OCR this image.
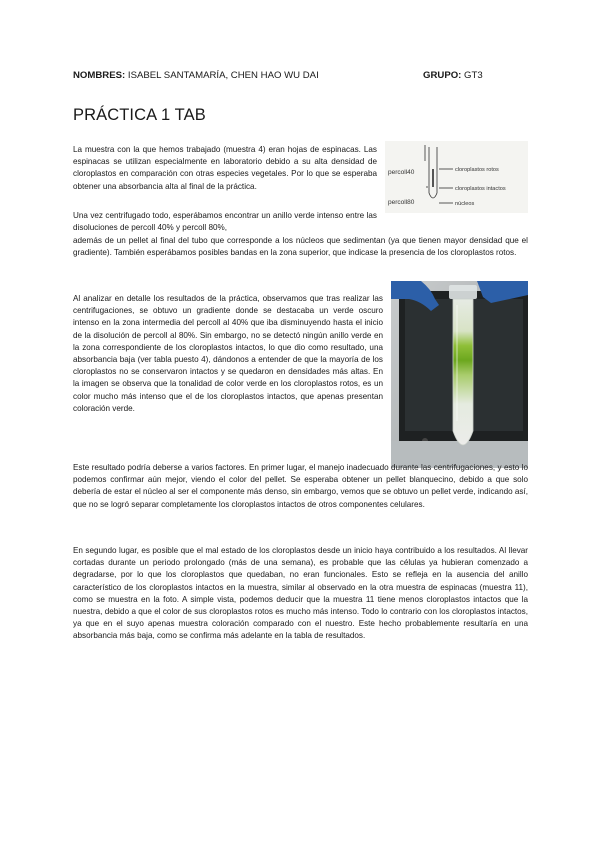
NOMBRES: ISABEL SANTAMARÍA, CHEN HAO WU DAI	GRUPO: GT3
PRÁCTICA 1 TAB

La muestra con la que hemos trabajado (muestra 4) eran hojas de espinacas. Las espinacas se utilizan especialmente en laboratorio debido a su alta densidad de cloroplastos en comparación con otras especies vegetales. Por lo que se esperaba obtener una absorbancia alta al final de la práctica.

Una vez centrifugado todo, esperábamos encontrar un anillo verde intenso entre las disoluciones de percoll 40% y percoll 80%,

además de un pellet al final del tubo que corresponde a los núcleos que sedimentan (ya que tienen mayor densidad que el gradiente). También esperábamos posibles bandas en la zona superior, que indicase la presencia de los cloroplastos rotos.

percoll40
percoll80
cloroplastos rotos
cloroplastos intactos
núcleos

Al analizar en detalle los resultados de la práctica, observamos que tras realizar las centrifugaciones, se obtuvo un gradiente donde se destacaba un verde oscuro intenso en la zona intermedia del percoll al 40% que iba disminuyendo hasta el inicio de la disolución de percoll al 80%. Sin embargo, no se detectó ningún anillo verde en la zona correspondiente de los cloroplastos intactos, lo que dio como resultado, una absorbancia baja (ver tabla puesto 4), dándonos a entender de que la mayoría de los cloroplastos no se conservaron intactos y se quedaron en densidades más altas. En la imagen se observa que la tonalidad de color verde en los cloroplastos rotos, es un color mucho más intenso que el de los cloroplastos intactos, que apenas presentan coloración verde.

Este resultado podría deberse a varios factores. En primer lugar, el manejo inadecuado durante las centrifugaciones, y esto lo podemos confirmar aún mejor, viendo el color del pellet. Se esperaba obtener un pellet blanquecino, debido a que solo debería de estar el núcleo al ser el componente más denso, sin embargo, vemos que se obtuvo un pellet verde, indicando así, que no se logró separar completamente los cloroplastos intactos de otros componentes celulares.

En segundo lugar, es posible que el mal estado de los cloroplastos desde un inicio haya contribuido a los resultados. Al llevar cortadas durante un periodo prolongado (más de una semana), es probable que las células ya hubieran comenzado a degradarse, por lo que los cloroplastos que quedaban, no eran funcionales. Esto se refleja en la ausencia del anillo característico de los cloroplastos intactos en la muestra, similar al observado en la otra muestra de espinacas (muestra 11), como se muestra en la foto. A simple vista, podemos deducir que la muestra 11 tiene menos cloroplastos intactos que la nuestra, debido a que el color de sus cloroplastos rotos es mucho más intenso. Todo lo contrario con los cloroplastos intactos, ya que en el suyo apenas muestra coloración comparado con el nuestro. Este hecho probablemente resultaría en una absorbancia más baja, como se confirma más adelante en la tabla de resultados.
